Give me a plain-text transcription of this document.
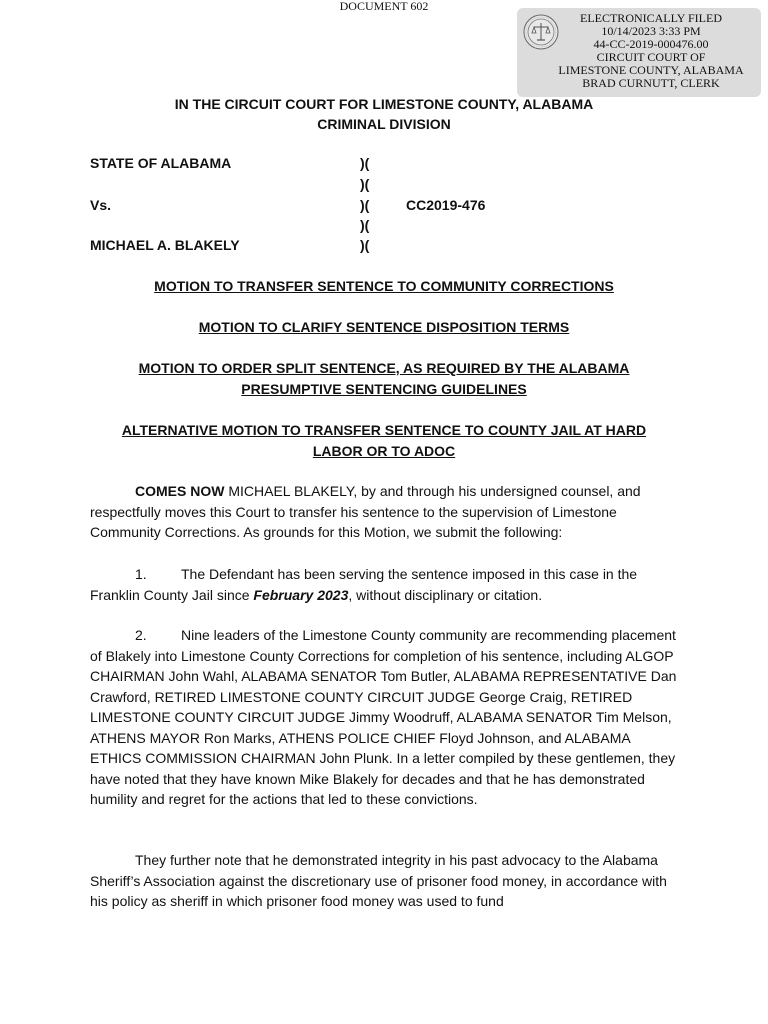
DOCUMENT 602
ELECTRONICALLY FILED
10/14/2023 3:33 PM
44-CC-2019-000476.00
CIRCUIT COURT OF
LIMESTONE COUNTY, ALABAMA
BRAD CURNUTT, CLERK
IN THE CIRCUIT COURT FOR LIMESTONE COUNTY, ALABAMA
CRIMINAL DIVISION
STATE OF ALABAMA	)(
)(
Vs.	)(	CC2019-476
)(
MICHAEL A. BLAKELY	)(
MOTION TO TRANSFER SENTENCE TO COMMUNITY CORRECTIONS
MOTION TO CLARIFY SENTENCE DISPOSITION TERMS
MOTION TO ORDER SPLIT SENTENCE, AS REQUIRED BY THE ALABAMA
PRESUMPTIVE SENTENCING GUIDELINES
ALTERNATIVE MOTION TO TRANSFER SENTENCE TO COUNTY JAIL AT HARD
LABOR OR TO ADOC
COMES NOW MICHAEL BLAKELY, by and through his undersigned counsel, and respectfully moves this Court to transfer his sentence to the supervision of Limestone Community Corrections. As grounds for this Motion, we submit the following:
1. The Defendant has been serving the sentence imposed in this case in the Franklin County Jail since February 2023, without disciplinary or citation.
2. Nine leaders of the Limestone County community are recommending placement of Blakely into Limestone County Corrections for completion of his sentence, including ALGOP CHAIRMAN John Wahl, ALABAMA SENATOR Tom Butler, ALABAMA REPRESENTATIVE Dan Crawford, RETIRED LIMESTONE COUNTY CIRCUIT JUDGE George Craig, RETIRED LIMESTONE COUNTY CIRCUIT JUDGE Jimmy Woodruff, ALABAMA SENATOR Tim Melson, ATHENS MAYOR Ron Marks, ATHENS POLICE CHIEF Floyd Johnson, and ALABAMA ETHICS COMMISSION CHAIRMAN John Plunk. In a letter compiled by these gentlemen, they have noted that they have known Mike Blakely for decades and that he has demonstrated humility and regret for the actions that led to these convictions.
They further note that he demonstrated integrity in his past advocacy to the Alabama Sheriff’s Association against the discretionary use of prisoner food money, in accordance with his policy as sheriff in which prisoner food money was used to fund
